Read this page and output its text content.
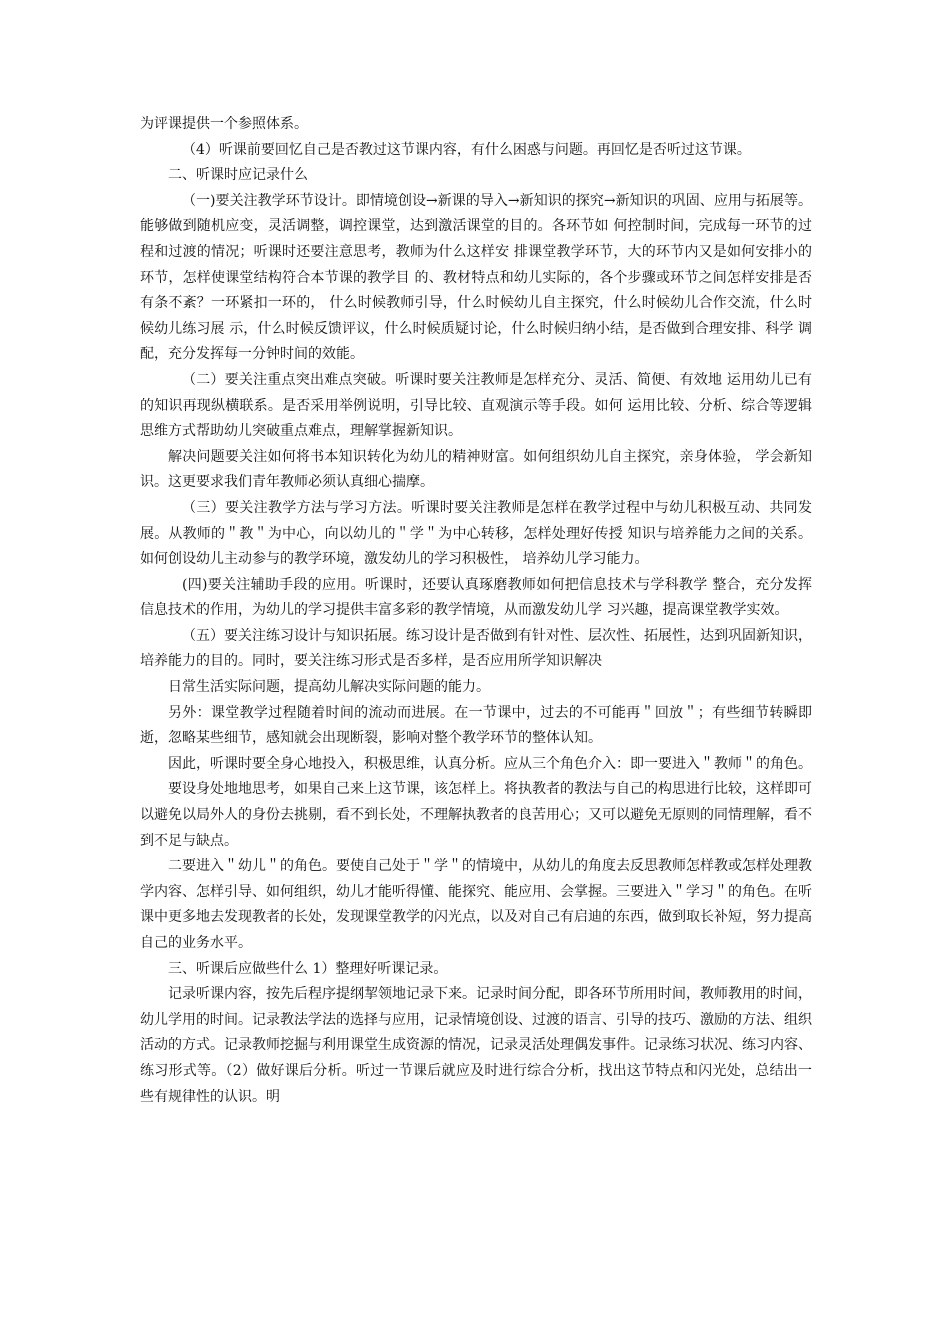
为评课提供一个参照体系。

（4）听课前要回忆自己是否教过这节课内容，有什么困惑与问题。再回忆是否听过这节课。

二、听课时应记录什么

（一)要关注教学环节设计。即情境创设→新课的导入→新知识的探究→新知识的巩固、应用与拓展等。能够做到随机应变，灵活调整，调控课堂，达到激活课堂的目的。各环节如 何控制时间，完成每一环节的过程和过渡的情况；听课时还要注意思考，教师为什么这样安 排课堂教学环节，大的环节内又是如何安排小的环节，怎样使课堂结构符合本节课的教学目 的、教材特点和幼儿实际的，各个步骤或环节之间怎样安排是否有条不紊？一环紧扣一环的， 什么时候教师引导，什么时候幼儿自主探究，什么时候幼儿合作交流，什么时候幼儿练习展 示，什么时候反馈评议，什么时候质疑讨论，什么时候归纳小结，是否做到合理安排、科学 调配，充分发挥每一分钟时间的效能。

（二）要关注重点突出难点突破。听课时要关注教师是怎样充分、灵活、简便、有效地 运用幼儿已有的知识再现纵横联系。是否采用举例说明，引导比较、直观演示等手段。如何 运用比较、分析、综合等逻辑思维方式帮助幼儿突破重点难点，理解掌握新知识。

解决问题要关注如何将书本知识转化为幼儿的精神财富。如何组织幼儿自主探究，亲身体验， 学会新知识。这更要求我们青年教师必须认真细心揣摩。

（三）要关注教学方法与学习方法。听课时要关注教师是怎样在教学过程中与幼儿积极互动、共同发展。从教师的＂教＂为中心，向以幼儿的＂学＂为中心转移，怎样处理好传授 知识与培养能力之间的关系。如何创设幼儿主动参与的教学环境，激发幼儿的学习积极性， 培养幼儿学习能力。

(四)要关注辅助手段的应用。听课时，还要认真琢磨教师如何把信息技术与学科教学 整合，充分发挥信息技术的作用，为幼儿的学习提供丰富多彩的教学情境，从而激发幼儿学 习兴趣，提高课堂教学实效。

（五）要关注练习设计与知识拓展。练习设计是否做到有针对性、层次性、拓展性，达到巩固新知识，培养能力的目的。同时，要关注练习形式是否多样，是否应用所学知识解决

日常生活实际问题，提高幼儿解决实际问题的能力。

另外：课堂教学过程随着时间的流动而进展。在一节课中，过去的不可能再＂回放＂；有些细节转瞬即逝，忽略某些细节，感知就会出现断裂，影响对整个教学环节的整体认知。

因此，听课时要全身心地投入，积极思维，认真分析。应从三个角色介入：即一要进入＂教师＂的角色。

要设身处地地思考，如果自己来上这节课，该怎样上。将执教者的教法与自己的构思进行比较，这样即可以避免以局外人的身份去挑剔，看不到长处，不理解执教者的良苦用心；又可以避免无原则的同情理解，看不到不足与缺点。

二要进入＂幼儿＂的角色。要使自己处于＂学＂的情境中，从幼儿的角度去反思教师怎样教或怎样处理教学内容、怎样引导、如何组织，幼儿才能听得懂、能探究、能应用、会掌握。三要进入＂学习＂的角色。在听课中更多地去发现教者的长处，发现课堂教学的闪光点，以及对自己有启迪的东西，做到取长补短，努力提高自己的业务水平。

三、听课后应做些什么 1）整理好听课记录。

记录听课内容，按先后程序提纲挈领地记录下来。记录时间分配，即各环节所用时间，教师教用的时间，幼儿学用的时间。记录教法学法的选择与应用，记录情境创设、过渡的语言、引导的技巧、激励的方法、组织活动的方式。记录教师挖掘与利用课堂生成资源的情况，记录灵活处理偶发事件。记录练习状况、练习内容、练习形式等。（2）做好课后分析。听过一节课后就应及时进行综合分析，找出这节特点和闪光处，总结出一些有规律性的认识。明
